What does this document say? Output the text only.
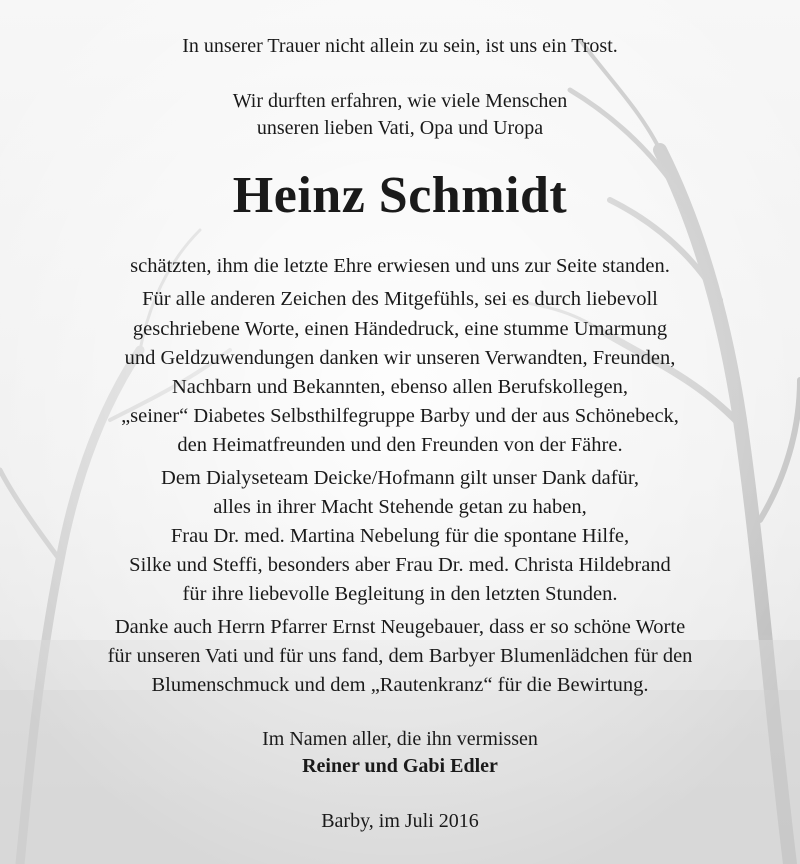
In unserer Trauer nicht allein zu sein, ist uns ein Trost.
Wir durften erfahren, wie viele Menschen
unseren lieben Vati, Opa und Uropa
Heinz Schmidt
schätzten, ihm die letzte Ehre erwiesen und uns zur Seite standen.
Für alle anderen Zeichen des Mitgefühls, sei es durch liebevoll
geschriebene Worte, einen Händedruck, eine stumme Umarmung
und Geldzuwendungen danken wir unseren Verwandten, Freunden,
Nachbarn und Bekannten, ebenso allen Berufskollegen,
„seiner“ Diabetes Selbsthilfegruppe Barby und der aus Schönebeck,
den Heimatfreunden und den Freunden von der Fähre.
Dem Dialyseteam Deicke/Hofmann gilt unser Dank dafür,
alles in ihrer Macht Stehende getan zu haben,
Frau Dr. med. Martina Nebelung für die spontane Hilfe,
Silke und Steffi, besonders aber Frau Dr. med. Christa Hildebrand
für ihre liebevolle Begleitung in den letzten Stunden.
Danke auch Herrn Pfarrer Ernst Neugebauer, dass er so schöne Worte
für unseren Vati und für uns fand, dem Barbyer Blumenlädchen für den
Blumenschmuck und dem „Rautenkranz“ für die Bewirtung.
Im Namen aller, die ihn vermissen
Reiner und Gabi Edler
Barby, im Juli 2016
